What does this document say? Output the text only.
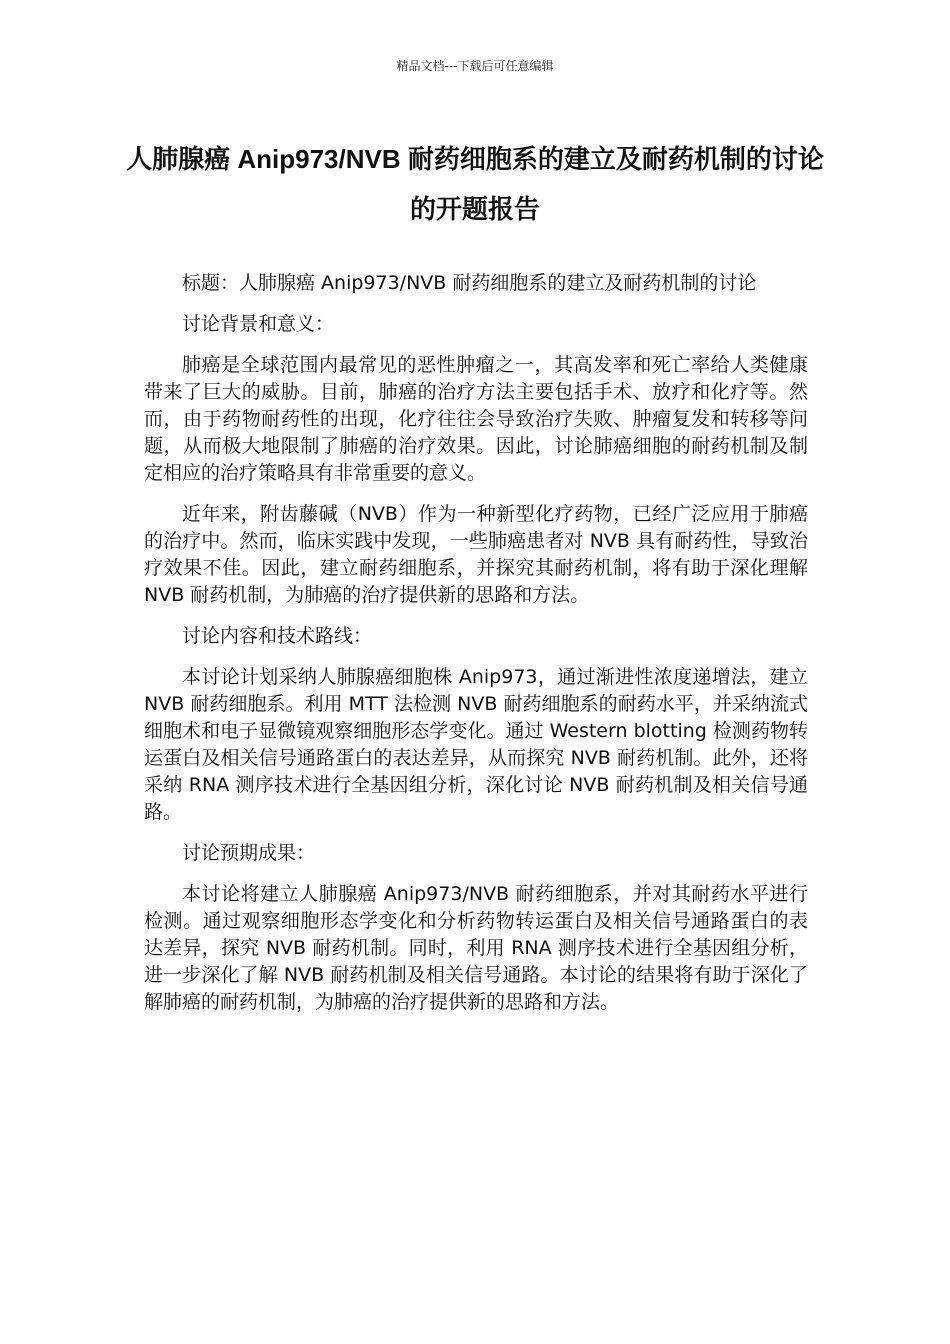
精品文档---下载后可任意编辑
人肺腺癌 Anip973/NVB 耐药细胞系的建立及耐药机制的讨论的开题报告

标题：人肺腺癌 Anip973/NVB 耐药细胞系的建立及耐药机制的讨论

讨论背景和意义：

肺癌是全球范围内最常见的恶性肿瘤之一，其高发率和死亡率给人类健康带来了巨大的威胁。目前，肺癌的治疗方法主要包括手术、放疗和化疗等。然而，由于药物耐药性的出现，化疗往往会导致治疗失败、肿瘤复发和转移等问题，从而极大地限制了肺癌的治疗效果。因此，讨论肺癌细胞的耐药机制及制定相应的治疗策略具有非常重要的意义。

近年来，附齿藤碱（NVB）作为一种新型化疗药物，已经广泛应用于肺癌的治疗中。然而，临床实践中发现，一些肺癌患者对 NVB 具有耐药性，导致治疗效果不佳。因此，建立耐药细胞系，并探究其耐药机制，将有助于深化理解 NVB 耐药机制，为肺癌的治疗提供新的思路和方法。

讨论内容和技术路线：

本讨论计划采纳人肺腺癌细胞株 Anip973，通过渐进性浓度递增法，建立 NVB 耐药细胞系。利用 MTT 法检测 NVB 耐药细胞系的耐药水平，并采纳流式细胞术和电子显微镜观察细胞形态学变化。通过 Western blotting 检测药物转运蛋白及相关信号通路蛋白的表达差异，从而探究 NVB 耐药机制。此外，还将采纳 RNA 测序技术进行全基因组分析，深化讨论 NVB 耐药机制及相关信号通路。

讨论预期成果：

本讨论将建立人肺腺癌 Anip973/NVB 耐药细胞系，并对其耐药水平进行检测。通过观察细胞形态学变化和分析药物转运蛋白及相关信号通路蛋白的表达差异，探究 NVB 耐药机制。同时，利用 RNA 测序技术进行全基因组分析，进一步深化了解 NVB 耐药机制及相关信号通路。本讨论的结果将有助于深化了解肺癌的耐药机制，为肺癌的治疗提供新的思路和方法。
